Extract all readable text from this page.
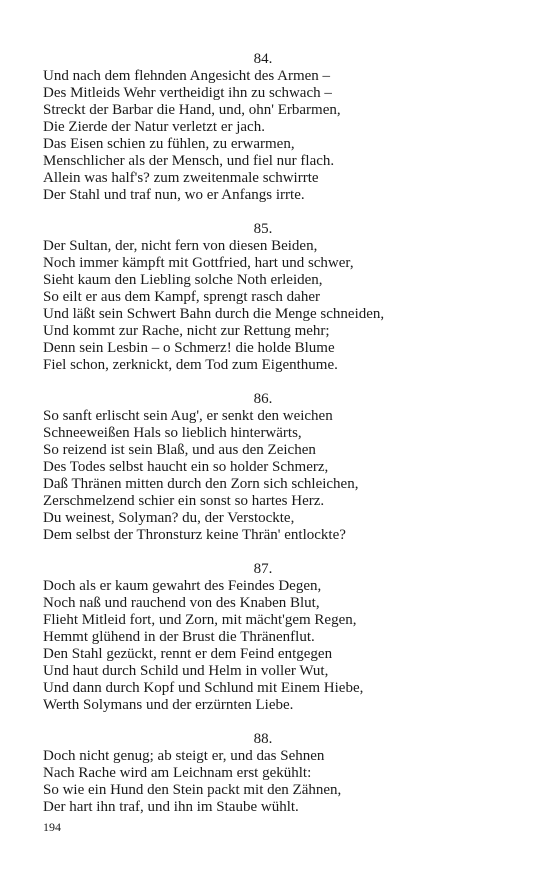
84.
Und nach dem flehnden Angesicht des Armen –
Des Mitleids Wehr vertheidigt ihn zu schwach –
Streckt der Barbar die Hand, und, ohn' Erbarmen,
Die Zierde der Natur verletzt er jach.
Das Eisen schien zu fühlen, zu erwarmen,
Menschlicher als der Mensch, und fiel nur flach.
Allein was half's? zum zweitenmale schwirrte
Der Stahl und traf nun, wo er Anfangs irrte.
85.
Der Sultan, der, nicht fern von diesen Beiden,
Noch immer kämpft mit Gottfried, hart und schwer,
Sieht kaum den Liebling solche Noth erleiden,
So eilt er aus dem Kampf, sprengt rasch daher
Und läßt sein Schwert Bahn durch die Menge schneiden,
Und kommt zur Rache, nicht zur Rettung mehr;
Denn sein Lesbin – o Schmerz! die holde Blume
Fiel schon, zerknickt, dem Tod zum Eigenthume.
86.
So sanft erlischt sein Aug', er senkt den weichen
Schneeweißen Hals so lieblich hinterwärts,
So reizend ist sein Blaß, und aus den Zeichen
Des Todes selbst haucht ein so holder Schmerz,
Daß Thränen mitten durch den Zorn sich schleichen,
Zerschmelzend schier ein sonst so hartes Herz.
Du weinest, Solyman? du, der Verstockte,
Dem selbst der Thronsturz keine Thrän' entlockte?
87.
Doch als er kaum gewahrt des Feindes Degen,
Noch naß und rauchend von des Knaben Blut,
Flieht Mitleid fort, und Zorn, mit mächt'gem Regen,
Hemmt glühend in der Brust die Thränenflut.
Den Stahl gezückt, rennt er dem Feind entgegen
Und haut durch Schild und Helm in voller Wut,
Und dann durch Kopf und Schlund mit Einem Hiebe,
Werth Solymans und der erzürnten Liebe.
88.
Doch nicht genug; ab steigt er, und das Sehnen
Nach Rache wird am Leichnam erst gekühlt:
So wie ein Hund den Stein packt mit den Zähnen,
Der hart ihn traf, und ihn im Staube wühlt.
194
